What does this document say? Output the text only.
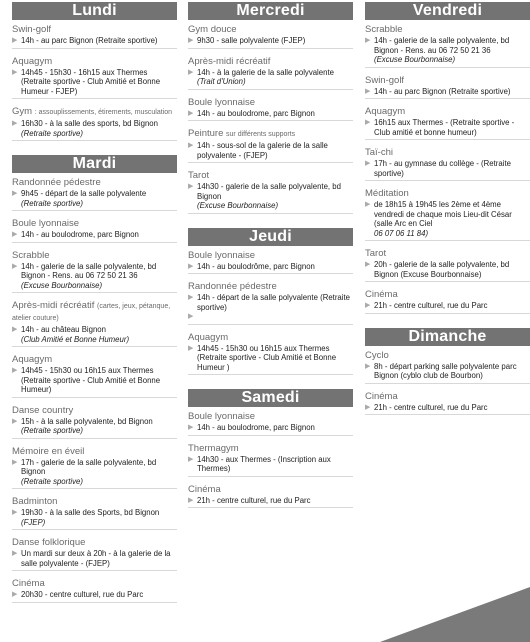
Lundi
Swin-golf
▶ 14h - au parc Bignon (Retraite sportive)
Aquagym
▶ 14h45 - 15h30 - 16h15 aux Thermes (Retraite sportive - Club Amitié et Bonne Humeur - FJEP)
Gym : assouplissements, étirements, musculation
▶ 16h30 - à la salle des sports, bd Bignon
(Retraite sportive)
Mardi
Randonnée pédestre
▶ 9h45 - départ de la salle polyvalente
(Retraite sportive)
Boule lyonnaise
▶ 14h - au boulodrome, parc Bignon
Scrabble
▶ 14h - galerie de la salle polyvalente, bd Bignon - Rens. au 06 72 50 21 36
(Excuse Bourbonnaise)
Après-midi récréatif (cartes, jeux, pétanque, atelier couture)
▶ 14h - au château Bignon
(Club Amitié et Bonne Humeur)
Aquagym
▶ 14h45 - 15h30 ou 16h15 aux Thermes (Retraite sportive - Club Amitié et Bonne Humeur)
Danse country
▶ 15h - à la salle polyvalente, bd Bignon
(Retraite sportive)
Mémoire en éveil
▶ 17h - galerie de la salle polyvalente, bd Bignon
(Retraite sportive)
Badminton
▶ 19h30 - à la salle des Sports, bd Bignon
(FJEP)
Danse folklorique
▶ Un mardi sur deux à 20h - à la galerie de la salle polyvalente - (FJEP)
Cinéma
▶ 20h30 - centre culturel, rue du Parc
Mercredi
Gym douce
▶ 9h30 - salle polyvalente (FJEP)
Après-midi récréatif
▶ 14h - à la galerie de la salle polyvalente
(Trait d'Union)
Boule lyonnaise
▶ 14h - au boulodrome, parc Bignon
Peinture sur différents supports
▶ 14h - sous-sol de la galerie de la salle polyvalente - (FJEP)
Tarot
▶ 14h30 - galerie de la salle polyvalente, bd Bignon
(Excuse Bourbonnaise)
Jeudi
Boule lyonnaise
▶ 14h - au boulodrôme, parc Bignon
Randonnée pédestre
▶ 14h - départ de la salle polyvalente (Retraite sportive)
▶
Aquagym
▶ 14h45 - 15h30 ou 16h15 aux Thermes (Retraite sportive - Club Amitié et Bonne Humeur )
Samedi
Boule lyonnaise
▶ 14h - au boulodrome, parc Bignon
Thermagym
▶ 14h30 - aux Thermes - (Inscription aux Thermes)
Cinéma
▶ 21h - centre culturel, rue du Parc
Vendredi
Scrabble
▶ 14h - galerie de la salle polyvalente, bd Bignon - Rens. au 06 72 50 21 36
(Excuse Bourbonnaise)
Swin-golf
▶ 14h - au parc Bignon (Retraite sportive)
Aquagym
▶ 16h15 aux Thermes - (Retraite sportive - Club amitié et bonne humeur)
Taï-chi
▶ 17h - au gymnase du collège - (Retraite sportive)
Méditation
▶ de 18h15 à 19h45 les 2ème et 4ème vendredi de chaque mois Lieu-dit César (salle Arc en Ciel
06 07 06 11 84)
Tarot
▶ 20h - galerie de la salle polyvalente, bd Bignon (Excuse Bourbonnaise)
Cinéma
▶ 21h - centre culturel, rue du Parc
Dimanche
Cyclo
▶ 8h - départ parking salle polyvalente parc Bignon (cyblo club de Bourbon)
Cinéma
▶ 21h - centre culturel, rue du Parc
